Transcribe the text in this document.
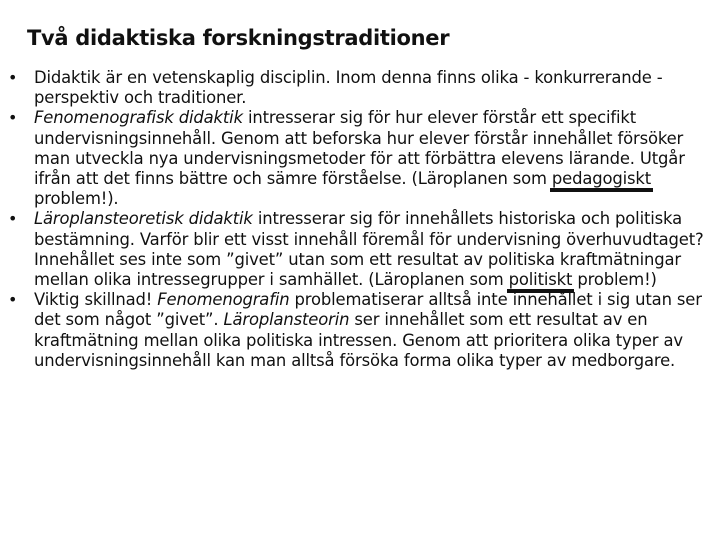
Två didaktiska forskningstraditioner
•	Didaktik är en vetenskaplig disciplin. Inom denna finns olika - konkurrerande - perspektiv och traditioner.
•	Fenomenografisk didaktik intresserar sig för hur elever förstår ett specifikt undervisningsinnehåll. Genom att beforska hur elever förstår innehållet försöker man utveckla nya undervisningsmetoder för att förbättra elevens lärande. Utgår ifrån att det finns bättre och sämre förståelse. (Läroplanen som pedagogiskt
problem!).
•	Läroplansteoretisk didaktik intresserar sig för innehållets historiska och politiska bestämning. Varför blir ett visst innehåll föremål för undervisning överhuvudtaget? Innehållet ses inte som ”givet” utan som ett resultat av politiska kraftmätningar mellan olika intressegrupper i samhället. (Läroplanen som politiskt
problem!)
•	Viktig skillnad! Fenomenografin problematiserar alltså inte innehållet i sig utan ser det som något ”givet”. Läroplansteorin ser innehållet som ett resultat av en kraftmätning mellan olika politiska intressen. Genom att prioritera olika typer av undervisningsinnehåll kan man alltså försöka forma olika typer av medborgare.
